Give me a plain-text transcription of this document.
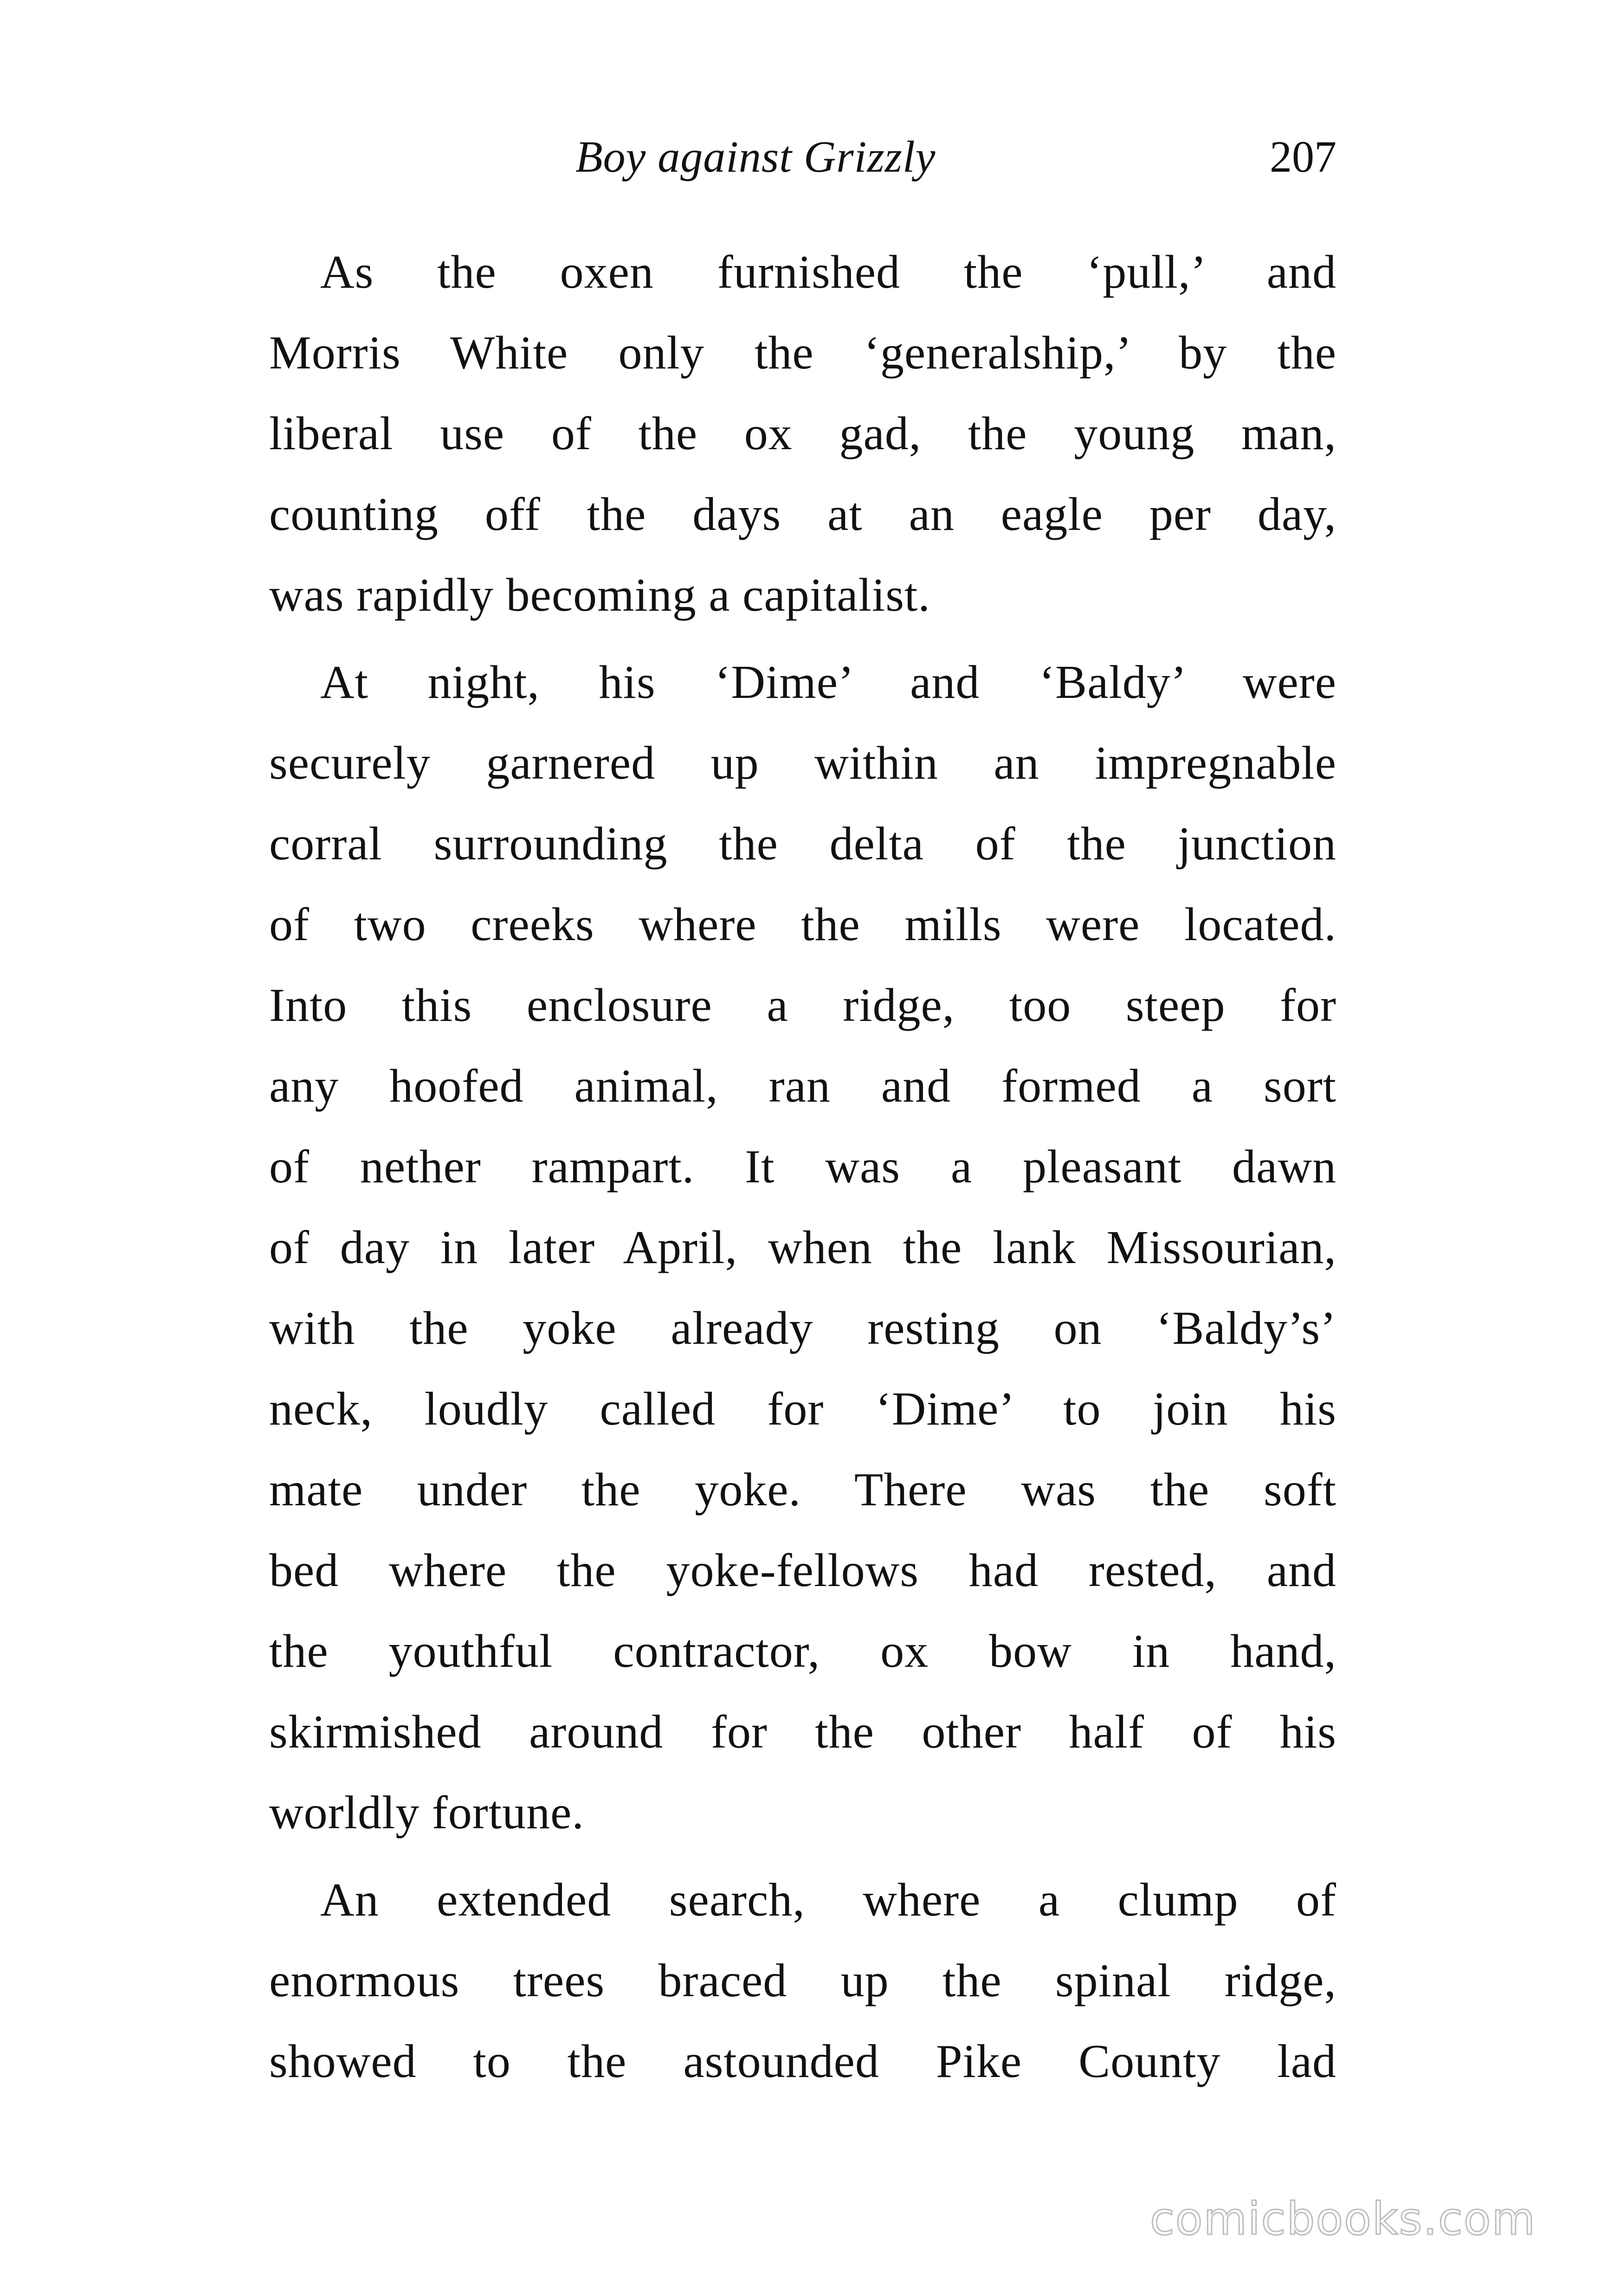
Boy against Grizzly	207
As the oxen furnished the ‘pull,’ and
Morris White only the ‘generalship,’ by the
liberal use of the ox gad, the young man,
counting off the days at an eagle per day,
was rapidly becoming a capitalist.
At night, his ‘Dime’ and ‘Baldy’ were
securely garnered up within an impregnable
corral surrounding the delta of the junction
of two creeks where the mills were located.
Into this enclosure a ridge, too steep for
any hoofed animal, ran and formed a sort
of nether rampart. It was a pleasant dawn
of day in later April, when the lank Missourian,
with the yoke already resting on ‘Baldy’s’
neck, loudly called for ‘Dime’ to join his
mate under the yoke. There was the soft
bed where the yoke-fellows had rested, and
the youthful contractor, ox bow in hand,
skirmished around for the other half of his
worldly fortune.
An extended search, where a clump of
enormous trees braced up the spinal ridge,
showed to the astounded Pike County lad
comicbooks.com
